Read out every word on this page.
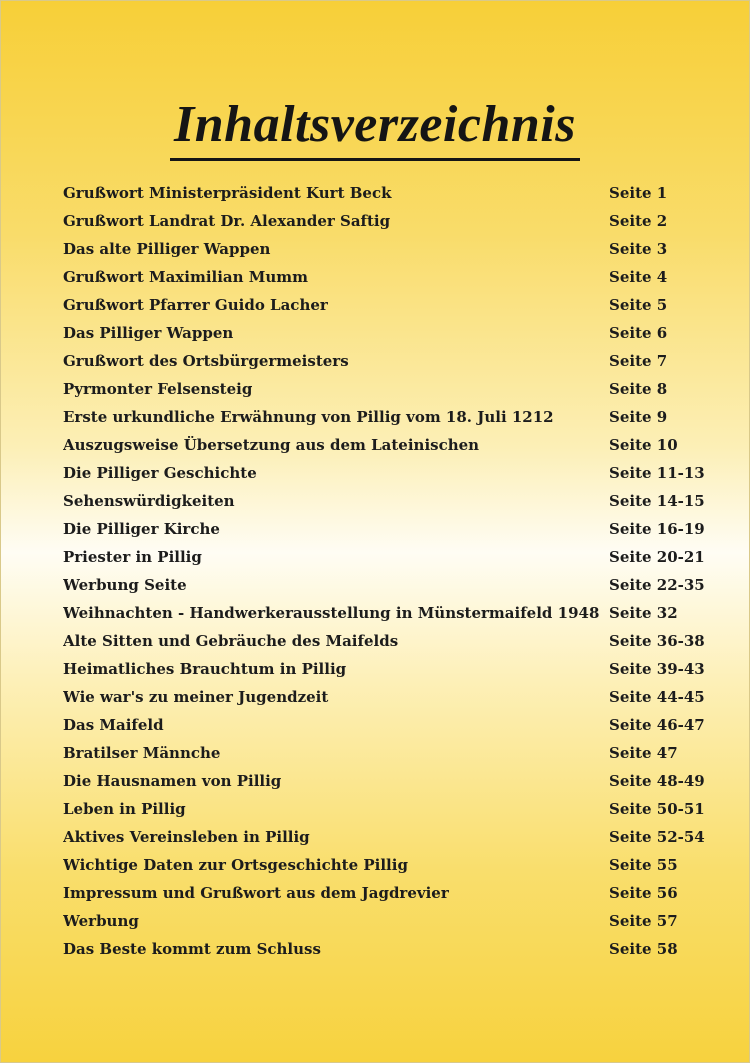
Inhaltsverzeichnis
Grußwort Ministerpräsident Kurt Beck	Seite 1
Grußwort Landrat Dr. Alexander Saftig	Seite 2
Das alte Pilliger Wappen	Seite 3
Grußwort Maximilian Mumm	Seite 4
Grußwort Pfarrer Guido Lacher	Seite 5
Das Pilliger Wappen	Seite 6
Grußwort des Ortsbürgermeisters	Seite 7
Pyrmonter Felsensteig	Seite 8
Erste urkundliche Erwähnung von Pillig vom 18. Juli 1212	Seite 9
Auszugsweise Übersetzung aus dem Lateinischen	Seite 10
Die Pilliger Geschichte	Seite 11-13
Sehenswürdigkeiten	Seite 14-15
Die Pilliger Kirche	Seite 16-19
Priester in Pillig	Seite 20-21
Werbung Seite	Seite 22-35
Weihnachten - Handwerkerausstellung in Münstermaifeld 1948 Seite 32
Alte Sitten und Gebräuche des Maifelds	Seite 36-38
Heimatliches Brauchtum in Pillig	Seite 39-43
Wie war's zu meiner Jugendzeit	Seite 44-45
Das Maifeld	Seite 46-47
Bratilser Männche	Seite 47
Die Hausnamen von Pillig	Seite 48-49
Leben in Pillig	Seite 50-51
Aktives Vereinsleben in Pillig	Seite 52-54
Wichtige Daten zur Ortsgeschichte Pillig	Seite 55
Impressum und Grußwort aus dem Jagdrevier	Seite 56
Werbung	Seite 57
Das Beste kommt zum Schluss	Seite 58
